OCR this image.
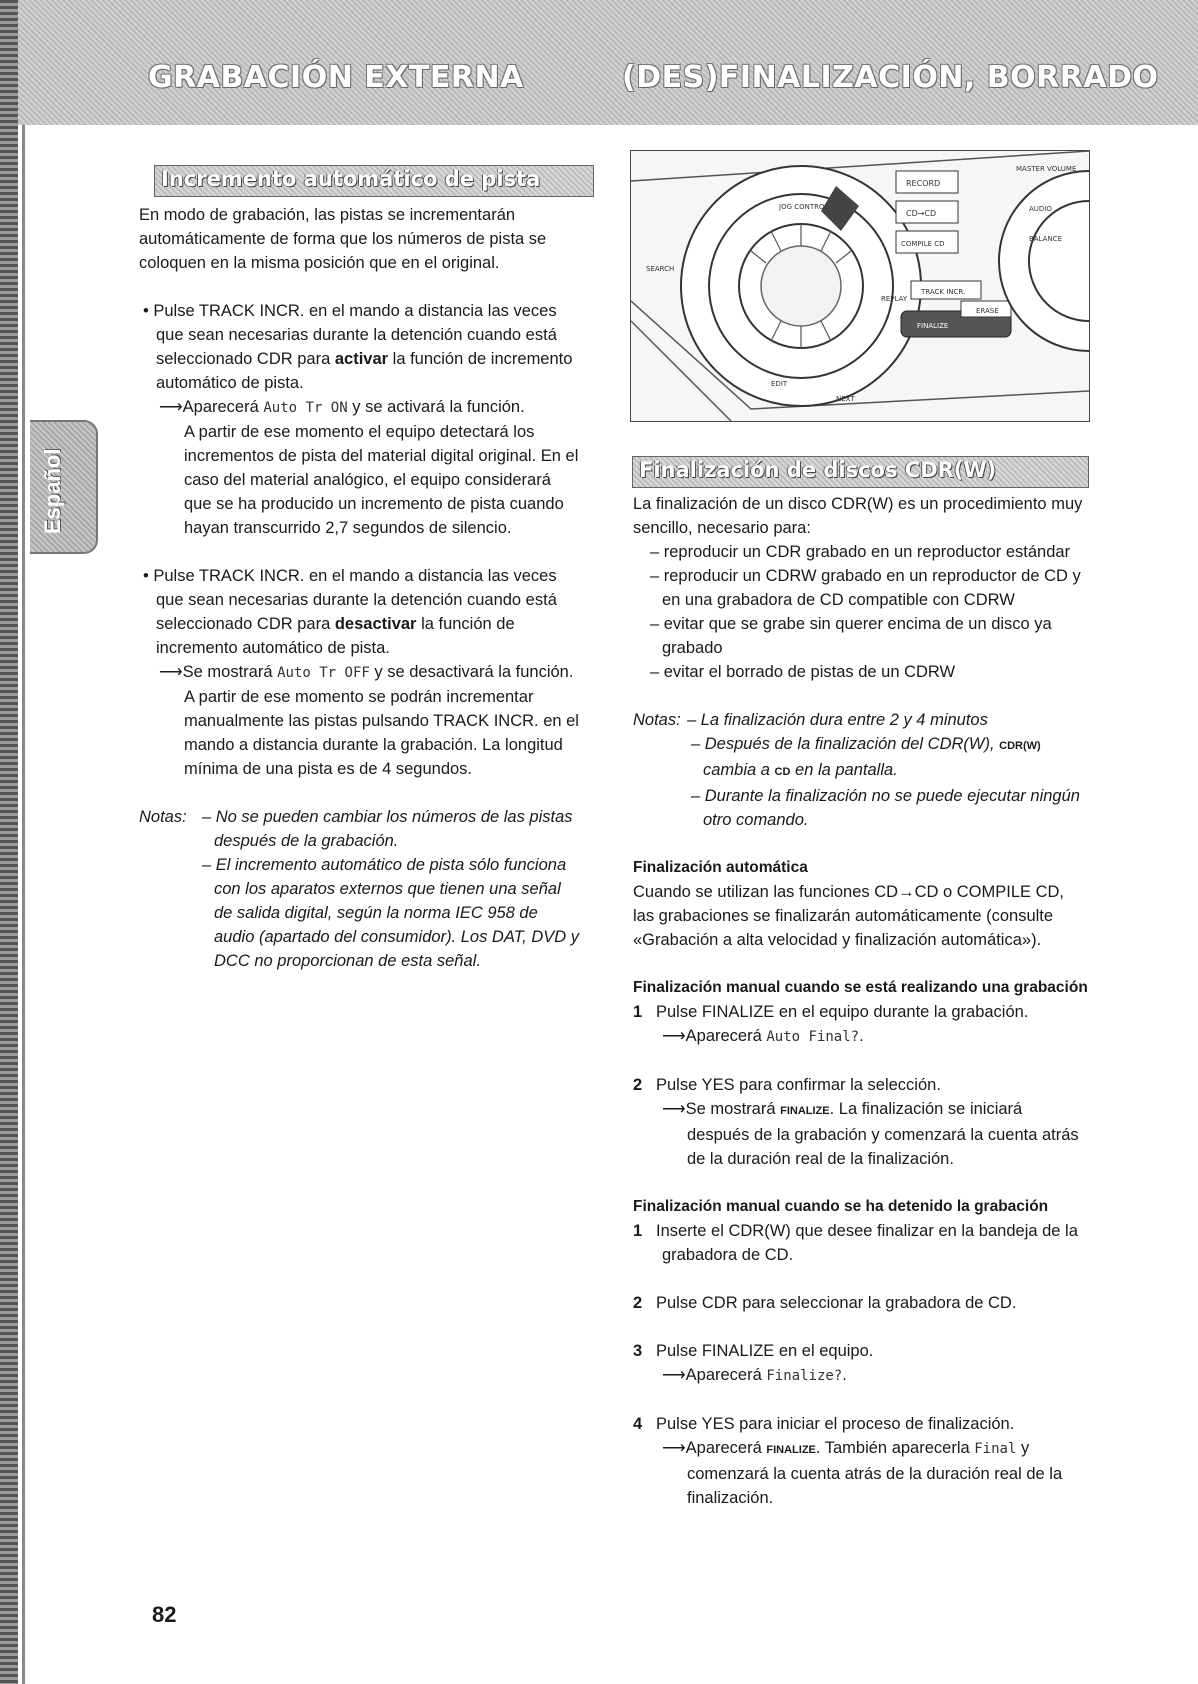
GRABACIÓN EXTERNA	(DES)FINALIZACIÓN, BORRADO
Español
Incremento automático de pista

En modo de grabación, las pistas se incrementarán automáticamente de forma que los números de pista se coloquen en la misma posición que en el original.

• Pulse TRACK INCR. en el mando a distancia las veces que sean necesarias durante la detención cuando está seleccionado CDR para activar la función de incremento automático de pista.

⟶Aparecerá Auto Tr ON y se activará la función.

A partir de ese momento el equipo detectará los incrementos de pista del material digital original. En el caso del material analógico, el equipo considerará que se ha producido un incremento de pista cuando hayan transcurrido 2,7 segundos de silencio.

• Pulse TRACK INCR. en el mando a distancia las veces que sean necesarias durante la detención cuando está seleccionado CDR para desactivar la función de incremento automático de pista.

⟶Se mostrará Auto Tr OFF y se desactivará la función. A partir de ese momento se podrán incrementar manualmente las pistas pulsando TRACK INCR. en el mando a distancia durante la grabación. La longitud mínima de una pista es de 4 segundos.

Notas: – No se pueden cambiar los números de las pistas después de la grabación.

– El incremento automático de pista sólo funciona con los aparatos externos que tienen una señal de salida digital, según la norma IEC 958 de audio (apartado del consumidor). Los DAT, DVD y DCC no proporcionan de esta señal.

RECORD
CD→CD
COMPILE CD
JOG CONTROL
TRACK INCR.
FINALIZE
ERASE
MASTER VOLUME
SEARCH
REPLAY
EDIT
NEXT
BALANCE
AUDIO
Finalización de discos CDR(W)

La finalización de un disco CDR(W) es un procedimiento muy sencillo, necesario para:

– reproducir un CDR grabado en un reproductor estándar

– reproducir un CDRW grabado en un reproductor de CD y en una grabadora de CD compatible con CDRW

– evitar que se grabe sin querer encima de un disco ya grabado

– evitar el borrado de pistas de un CDRW

Notas: – La finalización dura entre 2 y 4 minutos

– Después de la finalización del CDR(W), CDR(W) cambia a CD en la pantalla.

– Durante la finalización no se puede ejecutar ningún otro comando.

Finalización automática

Cuando se utilizan las funciones CD→CD o COMPILE CD, las grabaciones se finalizarán automáticamente (consulte «Grabación a alta velocidad y finalización automática»).

Finalización manual cuando se está realizando una grabación

1 Pulse FINALIZE en el equipo durante la grabación.

⟶Aparecerá Auto Final?.

2 Pulse YES para confirmar la selección.

⟶Se mostrará FINALIZE. La finalización se iniciará después de la grabación y comenzará la cuenta atrás de la duración real de la finalización.

Finalización manual cuando se ha detenido la grabación

1 Inserte el CDR(W) que desee finalizar en la bandeja de la grabadora de CD.

2 Pulse CDR para seleccionar la grabadora de CD.

3 Pulse FINALIZE en el equipo.

⟶Aparecerá Finalize?.

4 Pulse YES para iniciar el proceso de finalización.

⟶Aparecerá FINALIZE. También aparecerla Final y comenzará la cuenta atrás de la duración real de la finalización.

82
